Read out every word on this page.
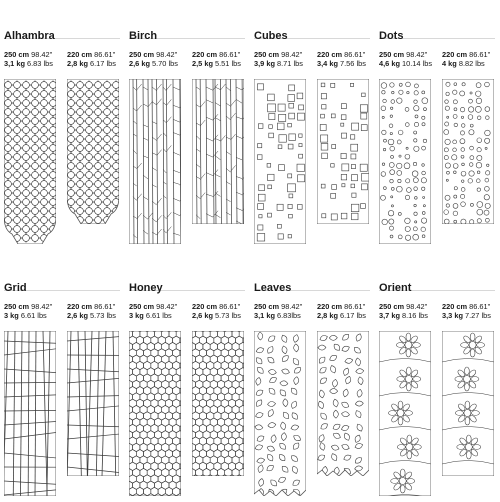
Alhambra
250 cm 98.42"
3,1 kg 6.83 lbs
220 cm 86.61"
2,8 kg 6.17 lbs
Birch
250 cm 98.42"
2,6 kg 5.70 lbs
220 cm 86.61"
2,5 kg 5.51 lbs
Cubes
250 cm 98.42"
3,9 kg 8.71 lbs
220 cm 86.61"
3,4 kg 7.56 lbs
Dots
250 cm 98.42"
4,6 kg 10.14 lbs
220 cm 86.61"
4 kg 8.82 lbs
Grid
250 cm 98.42"
3 kg 6.61 lbs
220 cm 86.61"
2,6 kg 5.73 lbs
Honey
250 cm 98.42"
3 kg 6.61 lbs
220 cm 86.61"
2,6 kg 5.73 lbs
Leaves
250 cm 98.42"
3,1 kg 6.83lbs
220 cm 86.61"
2,8 kg 6.17 lbs
Orient
250 cm 98.42"
3,7 kg 8.16 lbs
220 cm 86.61"
3,3 kg 7.27 lbs
